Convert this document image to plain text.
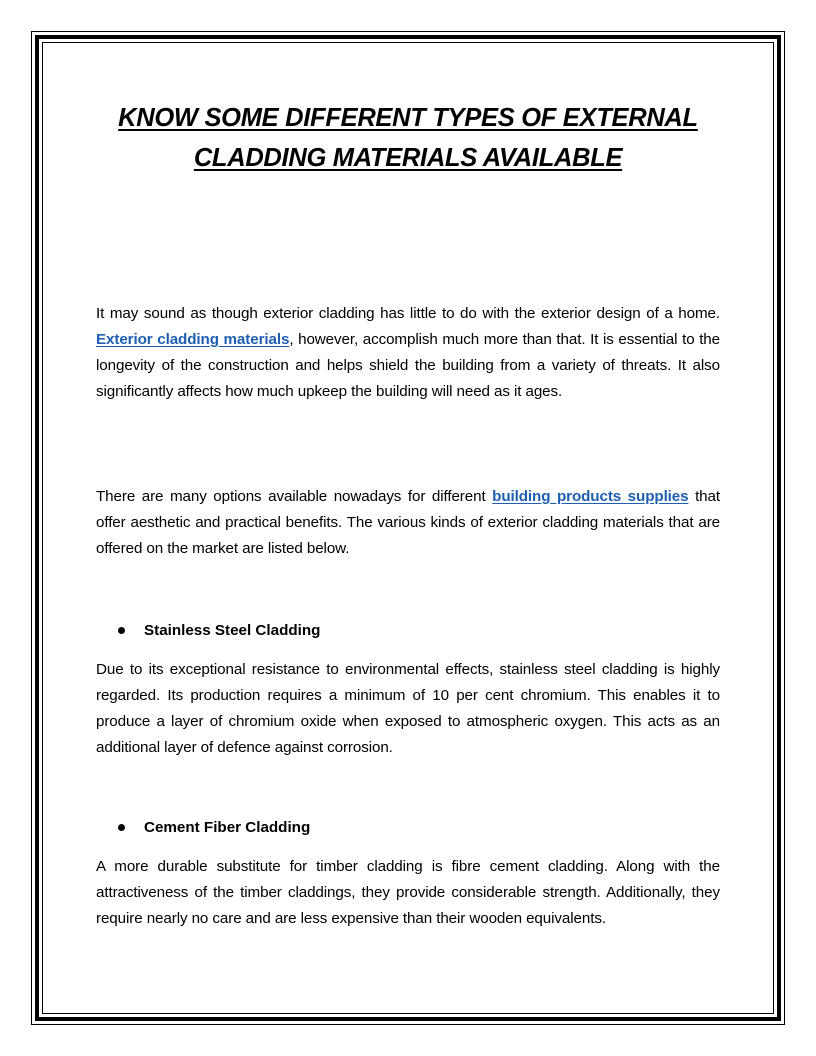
KNOW SOME DIFFERENT TYPES OF EXTERNAL CLADDING MATERIALS AVAILABLE

It may sound as though exterior cladding has little to do with the exterior design of a home. Exterior cladding materials, however, accomplish much more than that. It is essential to the longevity of the construction and helps shield the building from a variety of threats. It also significantly affects how much upkeep the building will need as it ages.

There are many options available nowadays for different building products supplies that offer aesthetic and practical benefits. The various kinds of exterior cladding materials that are offered on the market are listed below.

Stainless Steel Cladding

Due to its exceptional resistance to environmental effects, stainless steel cladding is highly regarded. Its production requires a minimum of 10 per cent chromium. This enables it to produce a layer of chromium oxide when exposed to atmospheric oxygen. This acts as an additional layer of defence against corrosion.

Cement Fiber Cladding

A more durable substitute for timber cladding is fibre cement cladding. Along with the attractiveness of the timber claddings, they provide considerable strength. Additionally, they require nearly no care and are less expensive than their wooden equivalents.
